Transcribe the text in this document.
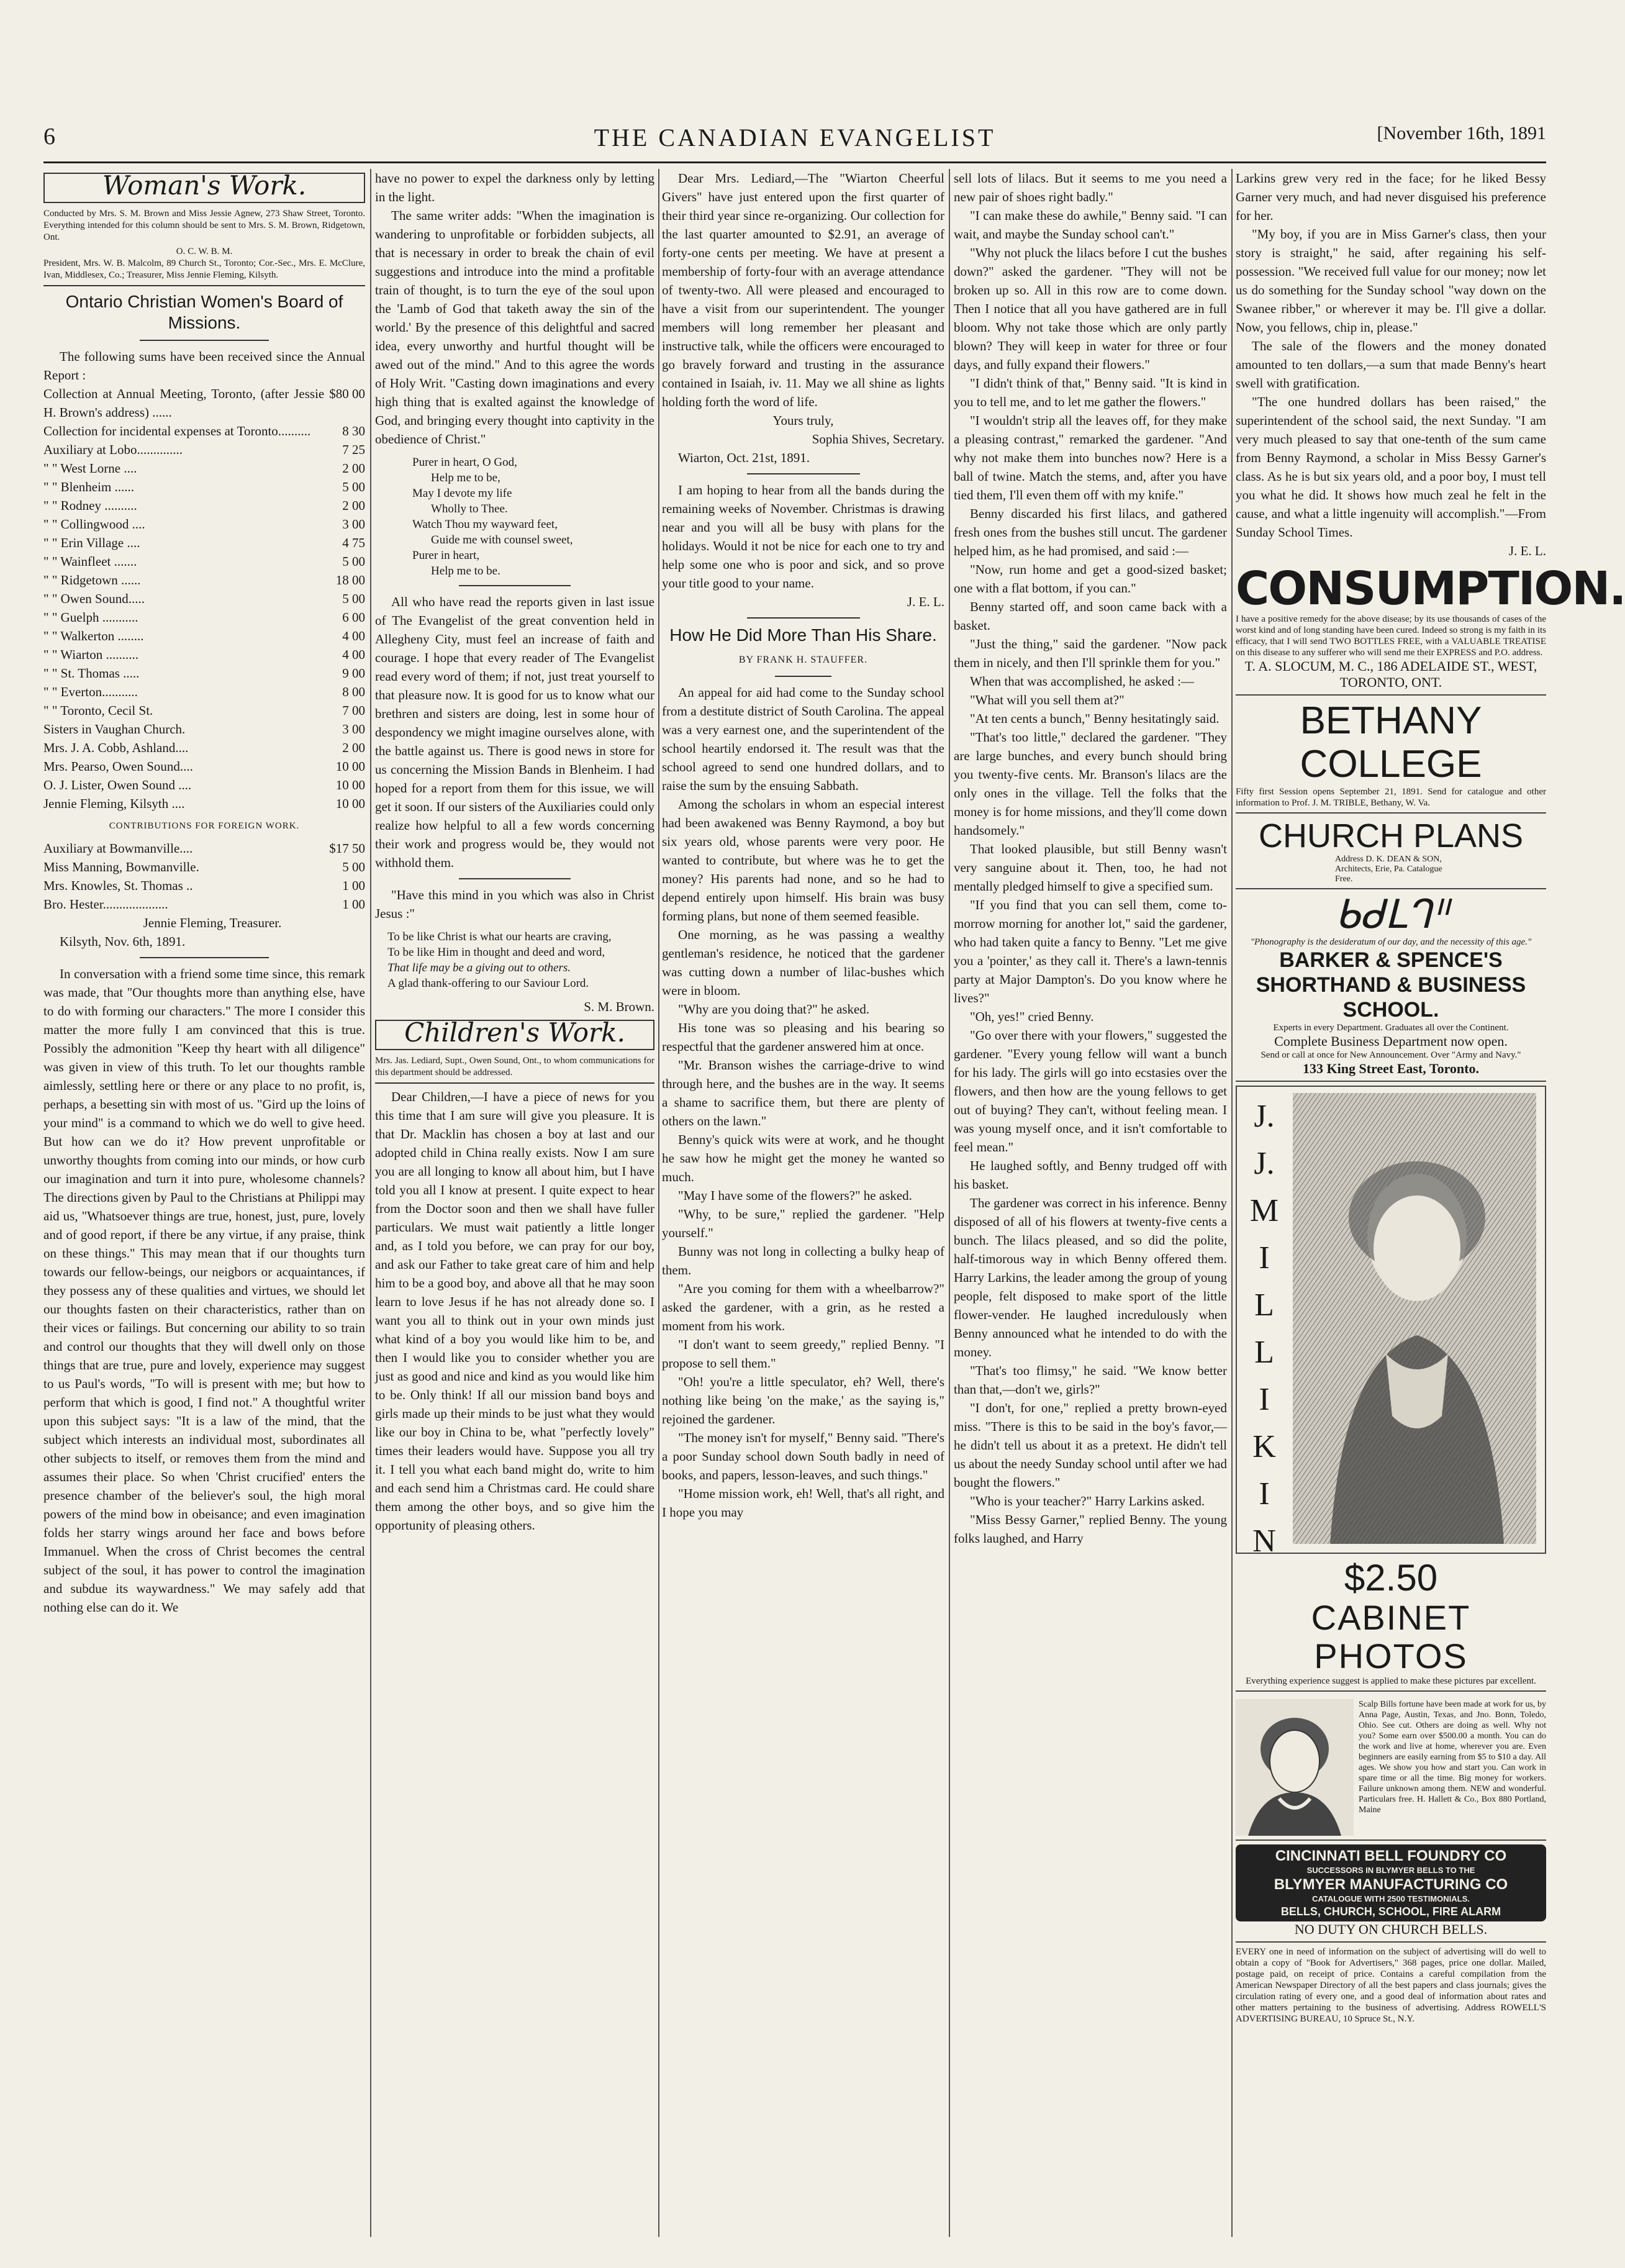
6	THE CANADIAN EVANGELIST	[November 16th, 1891
Woman's Work.
Conducted by Mrs. S. M. Brown and Miss Jessie Agnew, 273 Shaw Street, Toronto. Everything intended for this column should be sent to Mrs. S. M. Brown, Ridgetown, Ont.
O. C. W. B. M.
President, Mrs. W. B. Malcolm, 89 Church St., Toronto; Cor.-Sec., Mrs. E. McClure, Ivan, Middlesex, Co.; Treasurer, Miss Jennie Fleming, Kilsyth.
Ontario Christian Women's Board of Missions.

The following sums have been received since the Annual Report :

Collection at Annual Meeting, Toronto, (after Jessie H. Brown's address) ......
$80 00
Collection for incidental expenses at Toronto..........	8 30
Auxiliary at Lobo..............	7 25
" " West Lorne ....	2 00
" " Blenheim ......	5 00
" " Rodney ..........	2 00
" " Collingwood ....	3 00
" " Erin Village ....	4 75
" " Wainfleet .......	5 00
" " Ridgetown ......	18 00
" " Owen Sound.....	5 00
" " Guelph ...........	6 00
" " Walkerton ........	4 00
" " Wiarton ..........	4 00
" " St. Thomas .....	9 00
" " Everton...........	8 00
" " Toronto, Cecil St.	7 00
Sisters in Vaughan Church.	3 00
Mrs. J. A. Cobb, Ashland....	2 00
Mrs. Pearso, Owen Sound....	10 00
O. J. Lister, Owen Sound ....	10 00
Jennie Fleming, Kilsyth ....	10 00
CONTRIBUTIONS FOR FOREIGN WORK.
Auxiliary at Bowmanville....	$17 50
Miss Manning, Bowmanville.	5 00
Mrs. Knowles, St. Thomas ..	1 00
Bro. Hester....................	1 00

Jennie Fleming, Treasurer.

Kilsyth, Nov. 6th, 1891.

In conversation with a friend some time since, this remark was made, that "Our thoughts more than anything else, have to do with forming our characters." The more I consider this matter the more fully I am convinced that this is true. Possibly the admonition "Keep thy heart with all diligence" was given in view of this truth. To let our thoughts ramble aimlessly, settling here or there or any place to no profit, is, perhaps, a besetting sin with most of us. "Gird up the loins of your mind" is a command to which we do well to give heed. But how can we do it? How prevent unprofitable or unworthy thoughts from coming into our minds, or how curb our imagination and turn it into pure, wholesome channels? The directions given by Paul to the Christians at Philippi may aid us, "Whatsoever things are true, honest, just, pure, lovely and of good report, if there be any virtue, if any praise, think on these things." This may mean that if our thoughts turn towards our fellow-beings, our neigbors or acquaintances, if they possess any of these qualities and virtues, we should let our thoughts fasten on their characteristics, rather than on their vices or failings. But concerning our ability to so train and control our thoughts that they will dwell only on those things that are true, pure and lovely, experience may suggest to us Paul's words, "To will is present with me; but how to perform that which is good, I find not." A thoughtful writer upon this subject says: "It is a law of the mind, that the subject which interests an individual most, subordinates all other subjects to itself, or removes them from the mind and assumes their place. So when 'Christ crucified' enters the presence chamber of the believer's soul, the high moral powers of the mind bow in obeisance; and even imagination folds her starry wings around her face and bows before Immanuel. When the cross of Christ becomes the central subject of the soul, it has power to control the imagination and subdue its waywardness." We may safely add that nothing else can do it. We

have no power to expel the darkness only by letting in the light.

The same writer adds: "When the imagination is wandering to unprofitable or forbidden subjects, all that is necessary in order to break the chain of evil suggestions and introduce into the mind a profitable train of thought, is to turn the eye of the soul upon the 'Lamb of God that taketh away the sin of the world.' By the presence of this delightful and sacred idea, every unworthy and hurtful thought will be awed out of the mind." And to this agree the words of Holy Writ. "Casting down imaginations and every high thing that is exalted against the knowledge of God, and bringing every thought into captivity in the obedience of Christ."

Purer in heart, O God,
Help me to be,
May I devote my life
Wholly to Thee.
Watch Thou my wayward feet,
Guide me with counsel sweet,
Purer in heart,
Help me to be.

All who have read the reports given in last issue of The Evangelist of the great convention held in Allegheny City, must feel an increase of faith and courage. I hope that every reader of The Evangelist read every word of them; if not, just treat yourself to that pleasure now. It is good for us to know what our brethren and sisters are doing, lest in some hour of despondency we might imagine ourselves alone, with the battle against us. There is good news in store for us concerning the Mission Bands in Blenheim. I had hoped for a report from them for this issue, we will get it soon. If our sisters of the Auxiliaries could only realize how helpful to all a few words concerning their work and progress would be, they would not withhold them.

"Have this mind in you which was also in Christ Jesus :"

To be like Christ is what our hearts are craving,
To be like Him in thought and deed and word,
That life may be a giving out to others.
A glad thank-offering to our Saviour Lord.

S. M. Brown.

Children's Work.
Mrs. Jas. Lediard, Supt., Owen Sound, Ont., to whom communications for this department should be addressed.

Dear Children,—I have a piece of news for you this time that I am sure will give you pleasure. It is that Dr. Macklin has chosen a boy at last and our adopted child in China really exists. Now I am sure you are all longing to know all about him, but I have told you all I know at present. I quite expect to hear from the Doctor soon and then we shall have fuller particulars. We must wait patiently a little longer and, as I told you before, we can pray for our boy, and ask our Father to take great care of him and help him to be a good boy, and above all that he may soon learn to love Jesus if he has not already done so. I want you all to think out in your own minds just what kind of a boy you would like him to be, and then I would like you to consider whether you are just as good and nice and kind as you would like him to be. Only think! If all our mission band boys and girls made up their minds to be just what they would like our boy in China to be, what "perfectly lovely" times their leaders would have. Suppose you all try it. I tell you what each band might do, write to him and each send him a Christmas card. He could share them among the other boys, and so give him the opportunity of pleasing others.

Dear Mrs. Lediard,—The "Wiarton Cheerful Givers" have just entered upon the first quarter of their third year since re-organizing. Our collection for the last quarter amounted to $2.91, an average of forty-one cents per meeting. We have at present a membership of forty-four with an average attendance of twenty-two. All were pleased and encouraged to have a visit from our superintendent. The younger members will long remember her pleasant and instructive talk, while the officers were encouraged to go bravely forward and trusting in the assurance contained in Isaiah, iv. 11. May we all shine as lights holding forth the word of life.

Yours truly,

Sophia Shives, Secretary.

Wiarton, Oct. 21st, 1891.

I am hoping to hear from all the bands during the remaining weeks of November. Christmas is drawing near and you will all be busy with plans for the holidays. Would it not be nice for each one to try and help some one who is poor and sick, and so prove your title good to your name.

J. E. L.

How He Did More Than His Share.
BY FRANK H. STAUFFER.

An appeal for aid had come to the Sunday school from a destitute district of South Carolina. The appeal was a very earnest one, and the superintendent of the school heartily endorsed it. The result was that the school agreed to send one hundred dollars, and to raise the sum by the ensuing Sabbath.

Among the scholars in whom an especial interest had been awakened was Benny Raymond, a boy but six years old, whose parents were very poor. He wanted to contribute, but where was he to get the money? His parents had none, and so he had to depend entirely upon himself. His brain was busy forming plans, but none of them seemed feasible.

One morning, as he was passing a wealthy gentleman's residence, he noticed that the gardener was cutting down a number of lilac-bushes which were in bloom.

"Why are you doing that?" he asked.

His tone was so pleasing and his bearing so respectful that the gardener answered him at once.

"Mr. Branson wishes the carriage-drive to wind through here, and the bushes are in the way. It seems a shame to sacrifice them, but there are plenty of others on the lawn."

Benny's quick wits were at work, and he thought he saw how he might get the money he wanted so much.

"May I have some of the flowers?" he asked.

"Why, to be sure," replied the gardener. "Help yourself."

Bunny was not long in collecting a bulky heap of them.

"Are you coming for them with a wheelbarrow?" asked the gardener, with a grin, as he rested a moment from his work.

"I don't want to seem greedy," replied Benny. "I propose to sell them."

"Oh! you're a little speculator, eh? Well, there's nothing like being 'on the make,' as the saying is," rejoined the gardener.

"The money isn't for myself," Benny said. "There's a poor Sunday school down South badly in need of books, and papers, lesson-leaves, and such things."

"Home mission work, eh! Well, that's all right, and I hope you may

sell lots of lilacs. But it seems to me you need a new pair of shoes right badly."

"I can make these do awhile," Benny said. "I can wait, and maybe the Sunday school can't."

"Why not pluck the lilacs before I cut the bushes down?" asked the gardener. "They will not be broken up so. All in this row are to come down. Then I notice that all you have gathered are in full bloom. Why not take those which are only partly blown? They will keep in water for three or four days, and fully expand their flowers."

"I didn't think of that," Benny said. "It is kind in you to tell me, and to let me gather the flowers."

"I wouldn't strip all the leaves off, for they make a pleasing contrast," remarked the gardener. "And why not make them into bunches now? Here is a ball of twine. Match the stems, and, after you have tied them, I'll even them off with my knife."

Benny discarded his first lilacs, and gathered fresh ones from the bushes still uncut. The gardener helped him, as he had promised, and said :—

"Now, run home and get a good-sized basket; one with a flat bottom, if you can."

Benny started off, and soon came back with a basket.

"Just the thing," said the gardener. "Now pack them in nicely, and then I'll sprinkle them for you."

When that was accomplished, he asked :—

"What will you sell them at?"

"At ten cents a bunch," Benny hesitatingly said.

"That's too little," declared the gardener. "They are large bunches, and every bunch should bring you twenty-five cents. Mr. Branson's lilacs are the only ones in the village. Tell the folks that the money is for home missions, and they'll come down handsomely."

That looked plausible, but still Benny wasn't very sanguine about it. Then, too, he had not mentally pledged himself to give a specified sum.

"If you find that you can sell them, come to-morrow morning for another lot," said the gardener, who had taken quite a fancy to Benny. "Let me give you a 'pointer,' as they call it. There's a lawn-tennis party at Major Dampton's. Do you know where he lives?"

"Oh, yes!" cried Benny.

"Go over there with your flowers," suggested the gardener. "Every young fellow will want a bunch for his lady. The girls will go into ecstasies over the flowers, and then how are the young fellows to get out of buying? They can't, without feeling mean. I was young myself once, and it isn't comfortable to feel mean."

He laughed softly, and Benny trudged off with his basket.

The gardener was correct in his inference. Benny disposed of all of his flowers at twenty-five cents a bunch. The lilacs pleased, and so did the polite, half-timorous way in which Benny offered them. Harry Larkins, the leader among the group of young people, felt disposed to make sport of the little flower-vender. He laughed incredulously when Benny announced what he intended to do with the money.

"That's too flimsy," he said. "We know better than that,—don't we, girls?"

"I don't, for one," replied a pretty brown-eyed miss. "There is this to be said in the boy's favor,—he didn't tell us about it as a pretext. He didn't tell us about the needy Sunday school until after we had bought the flowers."

"Who is your teacher?" Harry Larkins asked.

"Miss Bessy Garner," replied Benny. The young folks laughed, and Harry

Larkins grew very red in the face; for he liked Bessy Garner very much, and had never disguised his preference for her.

"My boy, if you are in Miss Garner's class, then your story is straight," he said, after regaining his self-possession. "We received full value for our money; now let us do something for the Sunday school "way down on the Swanee ribber," or wherever it may be. I'll give a dollar. Now, you fellows, chip in, please."

The sale of the flowers and the money donated amounted to ten dollars,—a sum that made Benny's heart swell with gratification.

"The one hundred dollars has been raised," the superintendent of the school said, the next Sunday. "I am very much pleased to say that one-tenth of the sum came from Benny Raymond, a scholar in Miss Bessy Garner's class. As he is but six years old, and a poor boy, I must tell you what he did. It shows how much zeal he felt in the cause, and what a little ingenuity will accomplish."—From Sunday School Times.

J. E. L.

CONSUMPTION.
I have a positive remedy for the above disease; by its use thousands of cases of the worst kind and of long standing have been cured. Indeed so strong is my faith in its efficacy, that I will send TWO BOTTLES FREE, with a VALUABLE TREATISE on this disease to any sufferer who will send me their EXPRESS and P.O. address.
T. A. SLOCUM, M. C., 186 ADELAIDE ST., WEST, TORONTO, ONT.
BETHANY COLLEGE
Fifty first Session opens September 21, 1891. Send for catalogue and other information to Prof. J. M. TRIBLE, Bethany, W. Va.
CHURCH PLANS Address D. K. DEAN & SON, Architects, Erie, Pa. Catalogue Free.
ᑲᑯᒪᒉᐦ
"Phonography is the desideratum of our day, and the necessity of this age."
BARKER & SPENCE'S
SHORTHAND & BUSINESS SCHOOL.
Experts in every Department. Graduates all over the Continent.
Complete Business Department now open.
Send or call at once for New Announcement. Over "Army and Navy."
133 King Street East, Toronto.
J.
J.
M
I
L
L
I
K
I
N
$2.50
CABINET PHOTOS
Everything experience suggest is applied to make these pictures par excellent.
Scalp Bills fortune have been made at work for us, by Anna Page, Austin, Texas, and Jno. Bonn, Toledo, Ohio. See cut. Others are doing as well. Why not you? Some earn over $500.00 a month. You can do the work and live at home, wherever you are. Even beginners are easily earning from $5 to $10 a day. All ages. We show you how and start you. Can work in spare time or all the time. Big money for workers. Failure unknown among them. NEW and wonderful. Particulars free. H. Hallett & Co., Box 880 Portland, Maine
CINCINNATI BELL FOUNDRY CO
SUCCESSORS IN BLYMYER BELLS TO THE
BLYMYER MANUFACTURING CO
CATALOGUE WITH 2500 TESTIMONIALS.
BELLS, CHURCH, SCHOOL, FIRE ALARM
NO DUTY ON CHURCH BELLS.
EVERY one in need of information on the subject of advertising will do well to obtain a copy of "Book for Advertisers," 368 pages, price one dollar. Mailed, postage paid, on receipt of price. Contains a careful compilation from the American Newspaper Directory of all the best papers and class journals; gives the circulation rating of every one, and a good deal of information about rates and other matters pertaining to the business of advertising. Address ROWELL'S ADVERTISING BUREAU, 10 Spruce St., N.Y.
